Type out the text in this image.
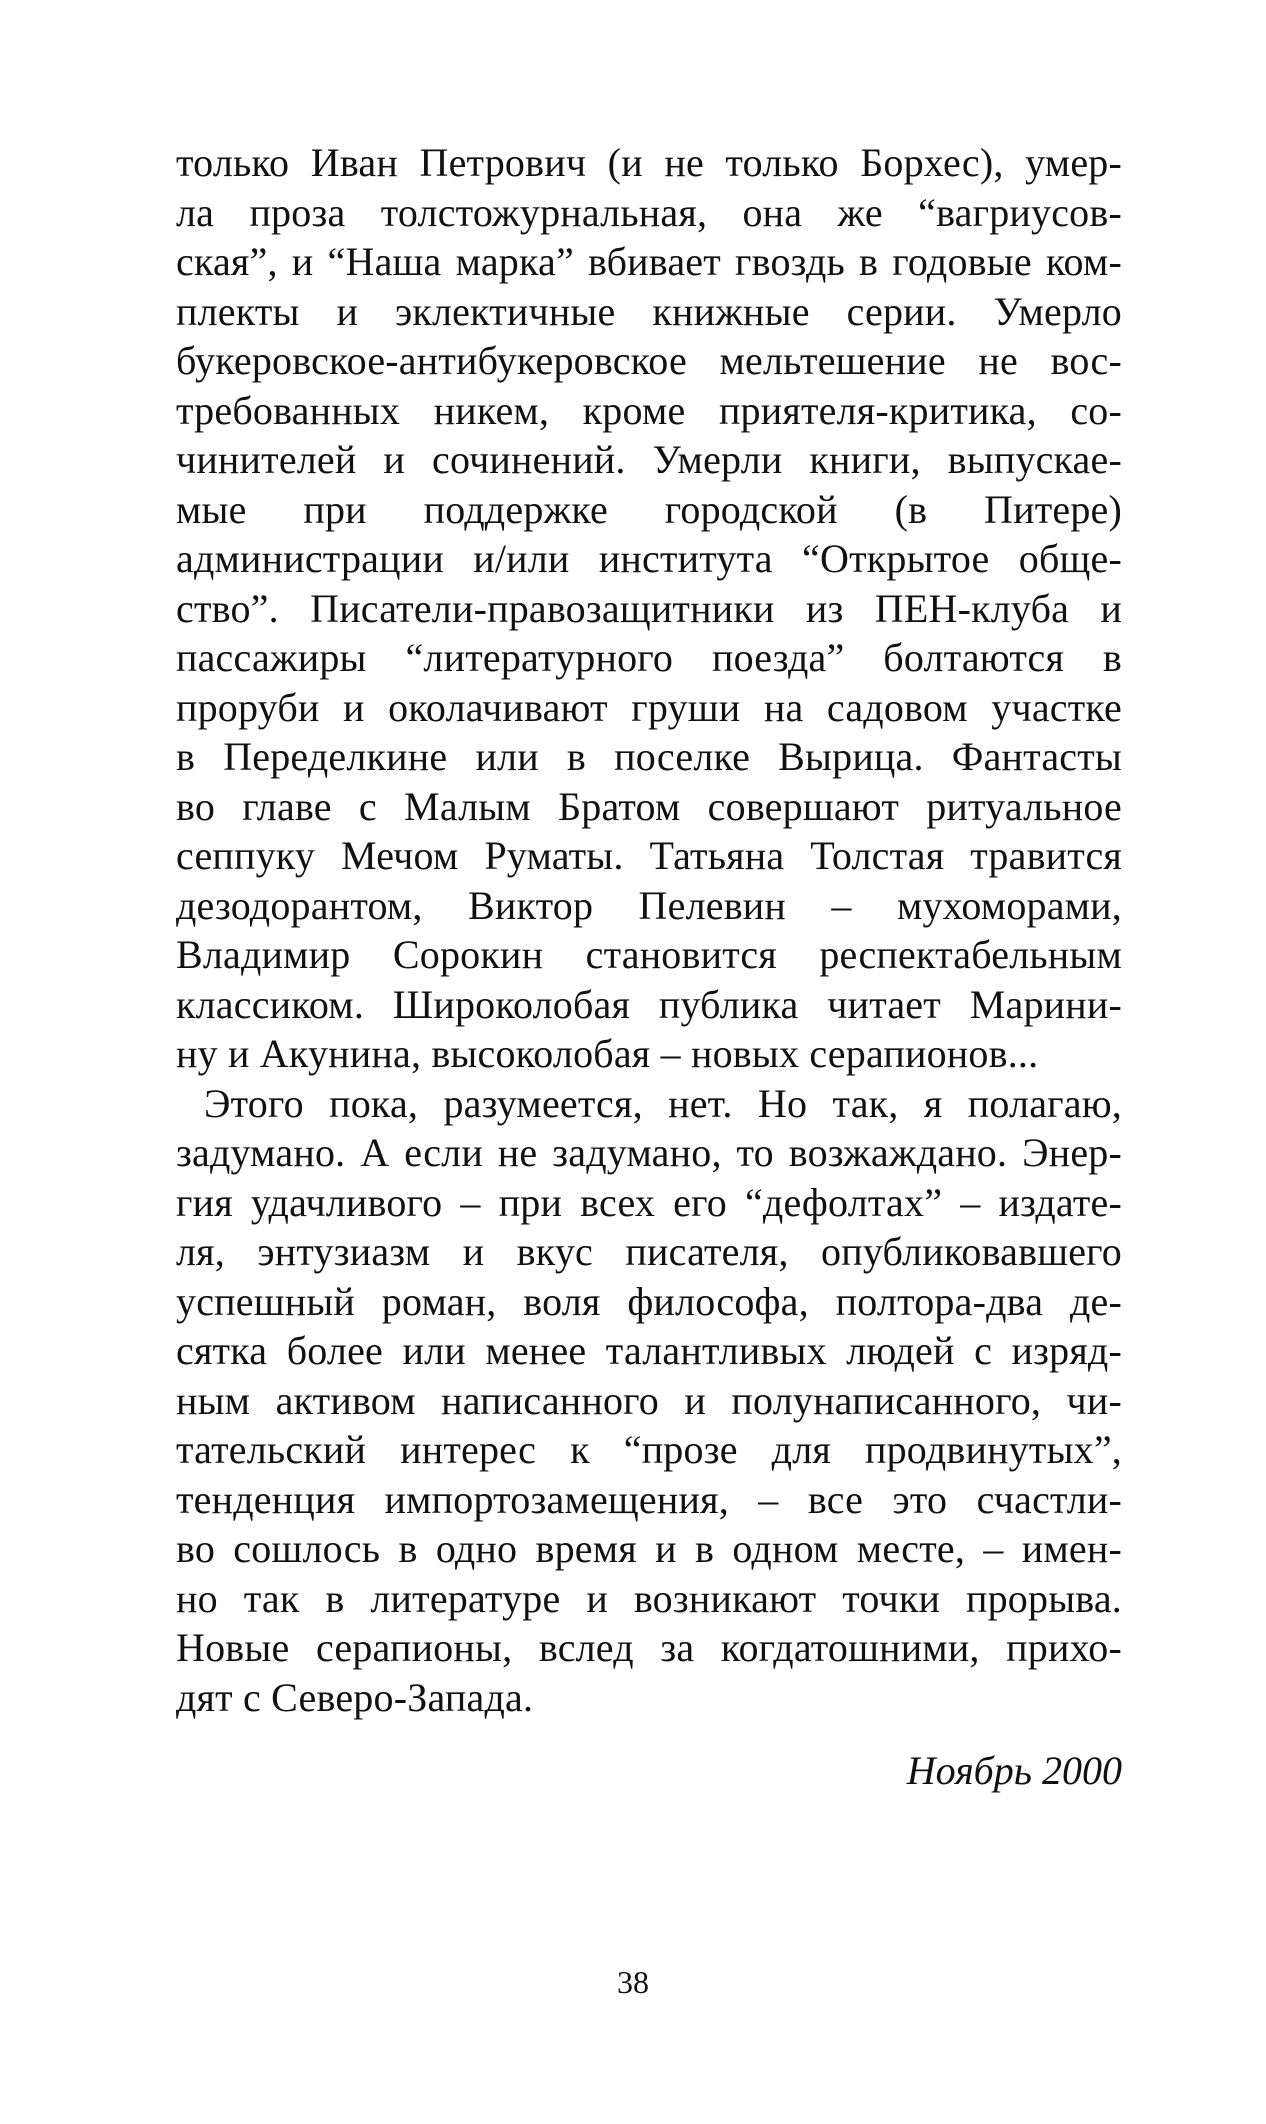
только Иван Петрович (и не только Борхес), умер-
ла проза толстожурнальная, она же “вагриусов-
ская”, и “Наша марка” вбивает гвоздь в годовые ком-
плекты и эклектичные книжные серии. Умерло
букеровское-антибукеровское мельтешение не вос-
требованных никем, кроме приятеля-критика, со-
чинителей и сочинений. Умерли книги, выпускае-
мые при поддержке городской (в Питере)
администрации и/или института “Открытое обще-
ство”. Писатели-правозащитники из ПЕН-клуба и
пассажиры “литературного поезда” болтаются в
проруби и околачивают груши на садовом участке
в Переделкине или в поселке Вырица. Фантасты
во главе с Малым Братом совершают ритуальное
сеппуку Мечом Руматы. Татьяна Толстая травится
дезодорантом, Виктор Пелевин – мухоморами,
Владимир Сорокин становится респектабельным
классиком. Широколобая публика читает Марини-
ну и Акунина, высоколобая – новых серапионов...
Этого пока, разумеется, нет. Но так, я полагаю,
задумано. А если не задумано, то возжаждано. Энер-
гия удачливого – при всех его “дефолтах” – издате-
ля, энтузиазм и вкус писателя, опубликовавшего
успешный роман, воля философа, полтора-два де-
сятка более или менее талантливых людей с изряд-
ным активом написанного и полунаписанного, чи-
тательский интерес к “прозе для продвинутых”,
тенденция импортозамещения, – все это счастли-
во сошлось в одно время и в одном месте, – имен-
но так в литературе и возникают точки прорыва.
Новые серапионы, вслед за когдатошними, прихо-
дят с Северо-Запада.
Ноябрь 2000
38
